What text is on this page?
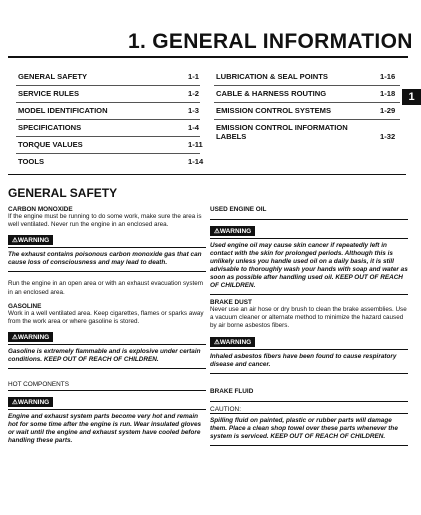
1. GENERAL INFORMATION
GENERAL SAFETY	1-1
SERVICE RULES	1-2
MODEL IDENTIFICATION	1-3
SPECIFICATIONS	1-4
TORQUE VALUES	1-11
TOOLS	1-14
LUBRICATION & SEAL POINTS	1-16
CABLE & HARNESS ROUTING	1-18
EMISSION CONTROL SYSTEMS	1-29
EMISSION CONTROL INFORMATION LABELS	1-32
1
GENERAL SAFETY

CARBON MONOXIDE

If the engine must be running to do some work, make sure the area is well ventilated. Never run the engine in an enclosed area.

⚠WARNING

The exhaust contains poisonous carbon monoxide gas that can cause loss of consciousness and may lead to death.

Run the engine in an open area or with an exhaust evacuation system in an enclosed area.

GASOLINE

Work in a well ventilated area. Keep cigarettes, flames or sparks away from the work area or where gasoline is stored.

⚠WARNING

Gasoline is extremely flammable and is explosive under certain conditions. KEEP OUT OF REACH OF CHILDREN.

HOT COMPONENTS

⚠WARNING

Engine and exhaust system parts become very hot and remain hot for some time after the engine is run. Wear insulated gloves or wait until the engine and exhaust system have cooled before handling these parts.

USED ENGINE OIL

⚠WARNING

Used engine oil may cause skin cancer if repeatedly left in contact with the skin for prolonged periods. Although this is unlikely unless you handle used oil on a daily basis, it is still advisable to thoroughly wash your hands with soap and water as soon as possible after handling used oil. KEEP OUT OF REACH OF CHILDREN.

BRAKE DUST

Never use an air hose or dry brush to clean the brake assemblies. Use a vacuum cleaner or alternate method to minimize the hazard caused by air borne asbestos fibers.

⚠WARNING

Inhaled asbestos fibers have been found to cause respiratory disease and cancer.

BRAKE FLUID

CAUTION:

Spilling fluid on painted, plastic or rubber parts will damage them. Place a clean shop towel over these parts whenever the system is serviced. KEEP OUT OF REACH OF CHILDREN.
